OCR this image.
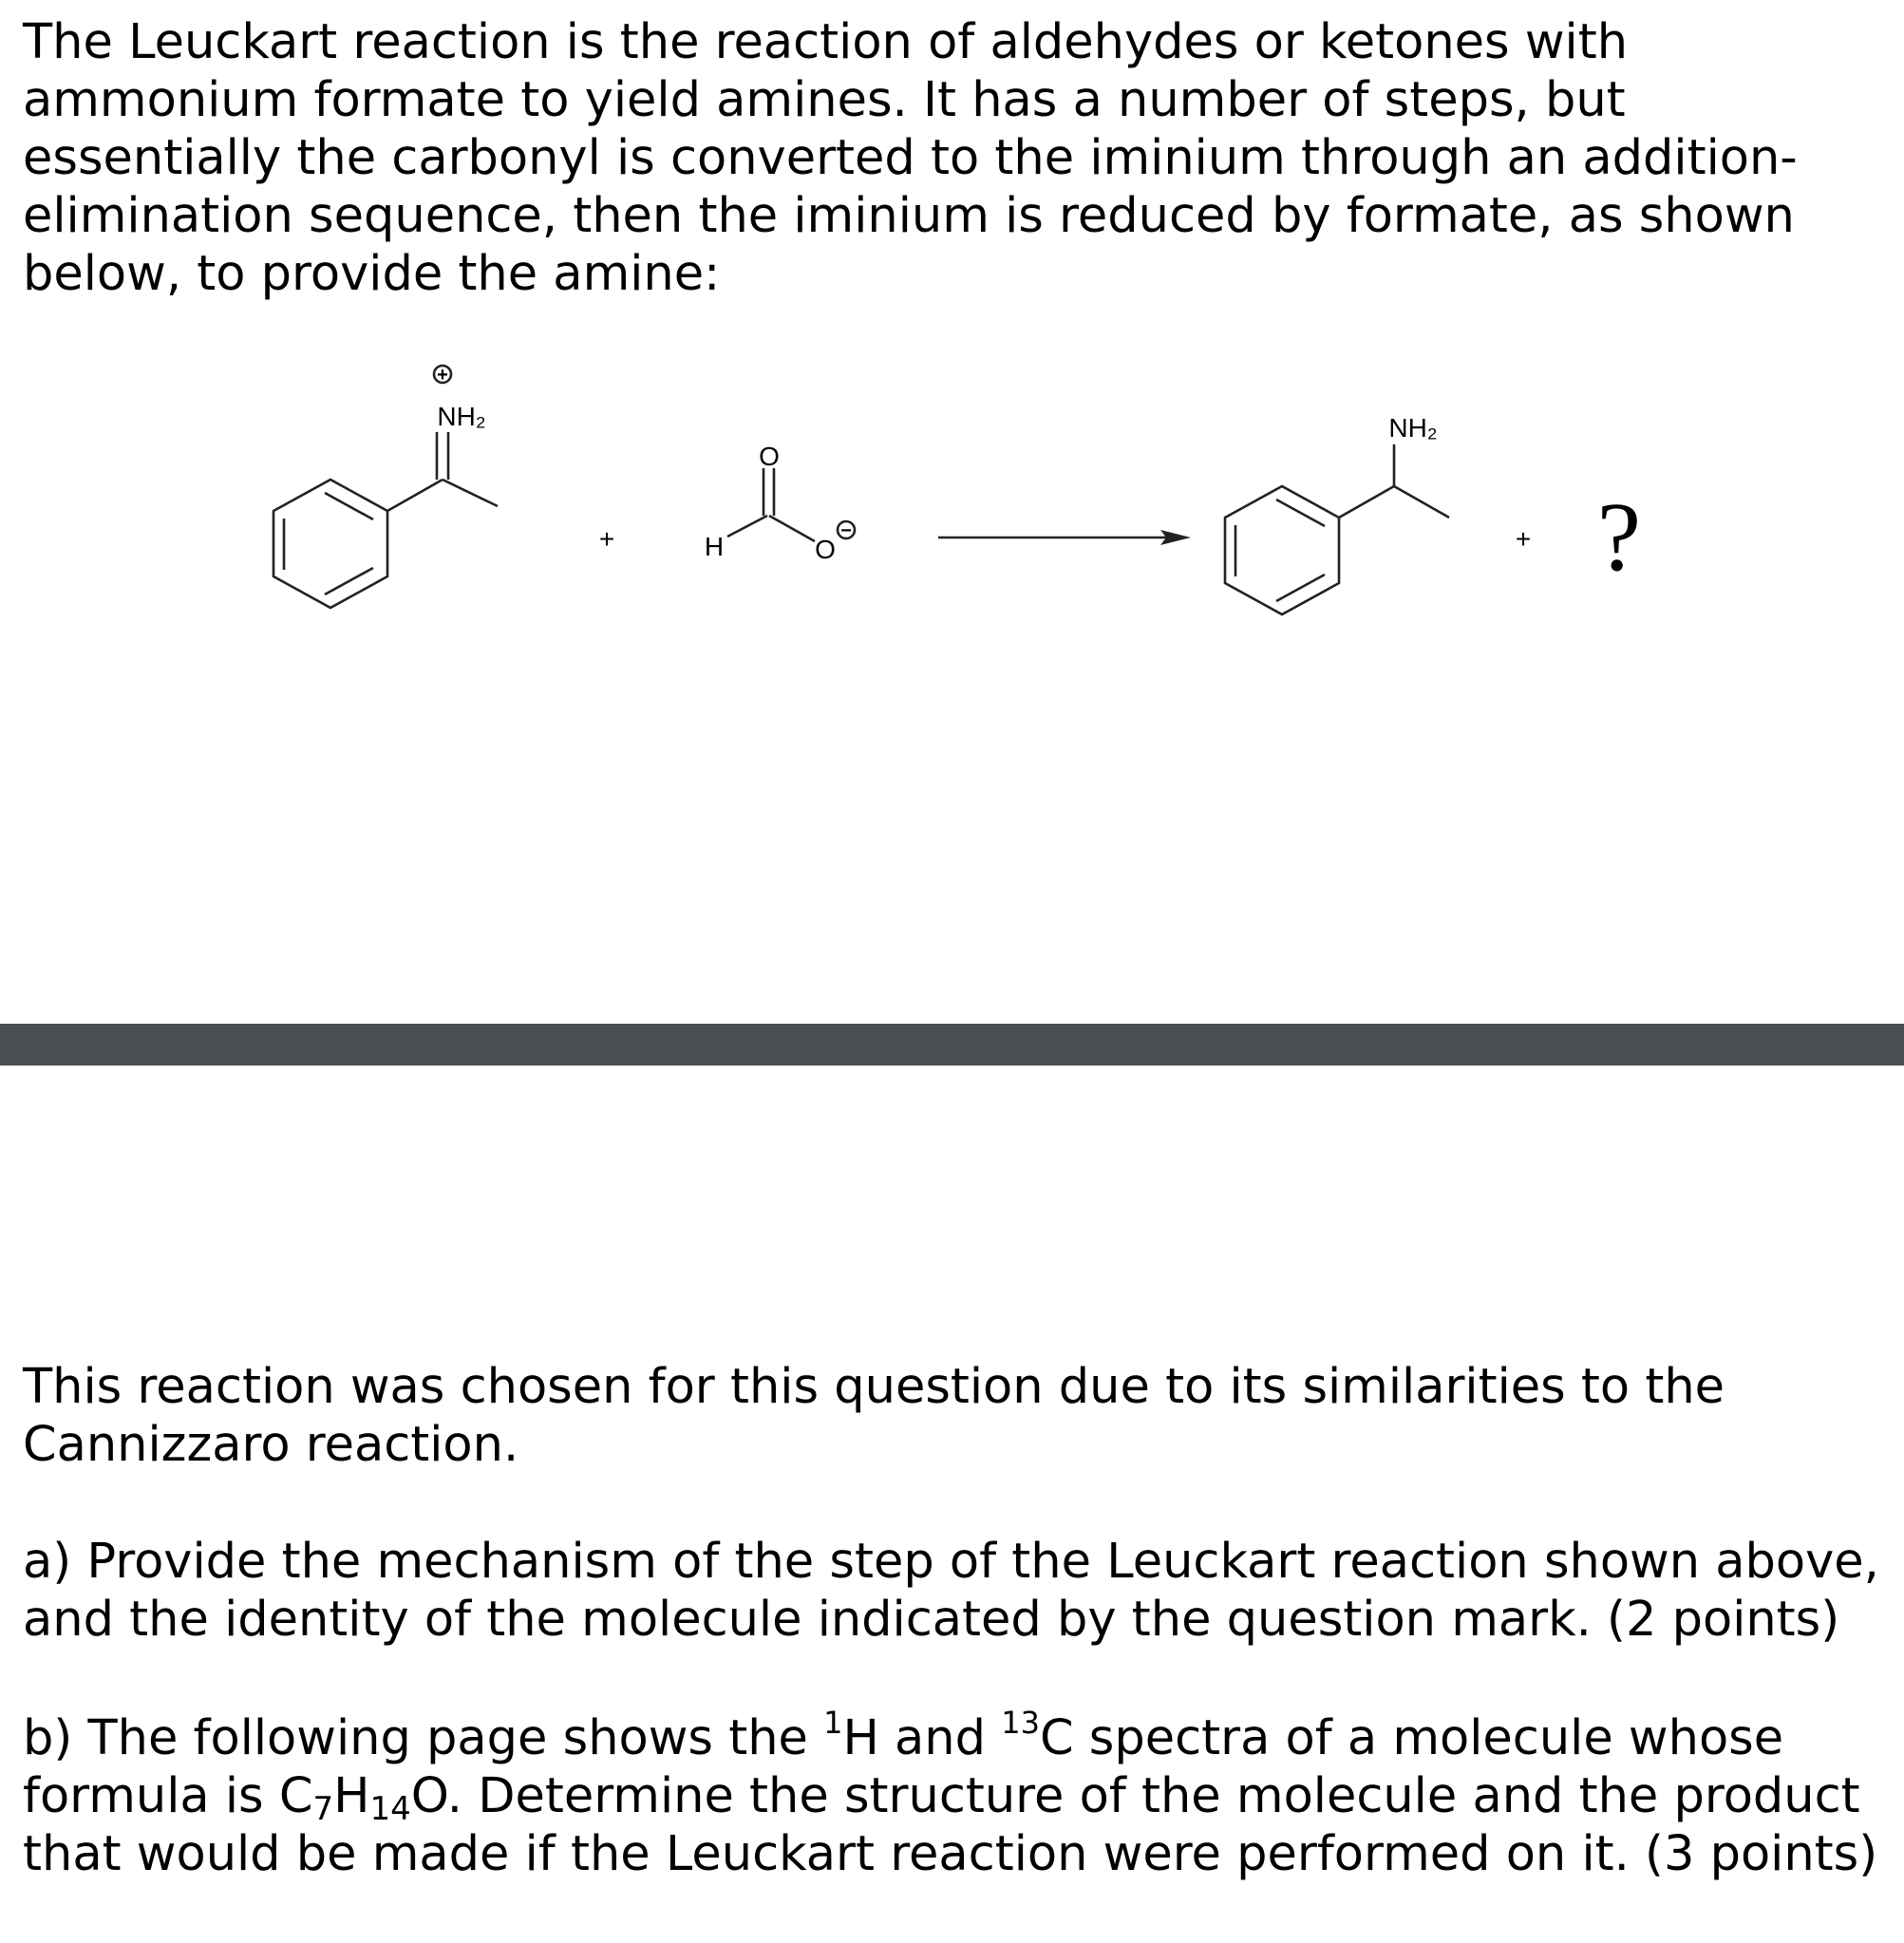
The Leuckart reaction is the reaction of aldehydes or ketones with
ammonium formate to yield amines. It has a number of steps, but
essentially the carbonyl is converted to the iminium through an addition-
elimination sequence, then the iminium is reduced by formate, as shown
below, to provide the amine:
+
NH₂
+
O
H	O
−
NH₂
+ ?
This reaction was chosen for this question due to its similarities to the
Cannizzaro reaction.
a) Provide the mechanism of the step of the Leuckart reaction shown above,
and the identity of the molecule indicated by the question mark. (2 points)
b) The following page shows the $^1$H and $^{13}$C spectra of a molecule whose
formula is $C_7H_{14}O$. Determine the structure of the molecule and the product
that would be made if the Leuckart reaction were performed on it. (3 points)
